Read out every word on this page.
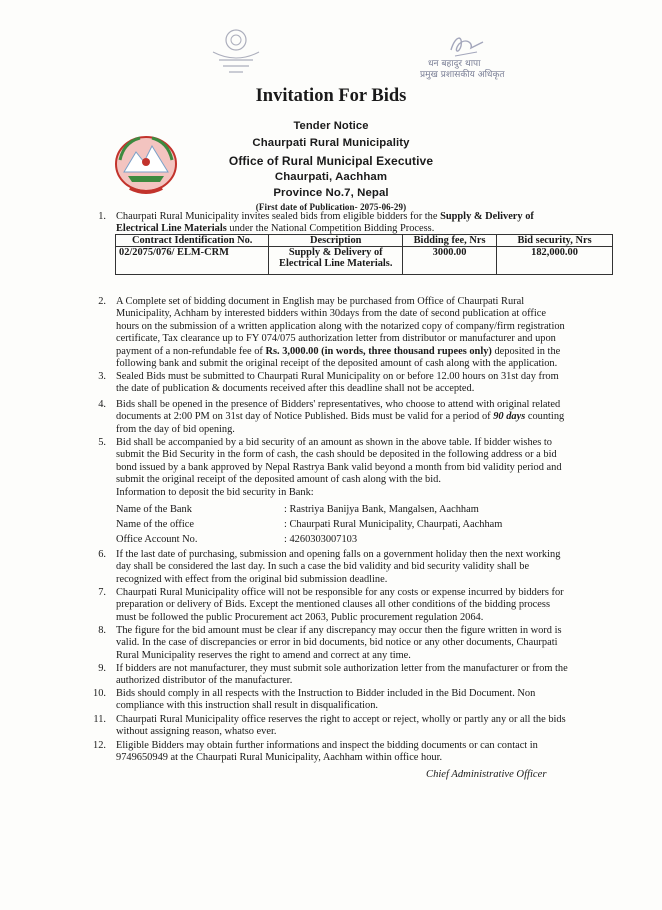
धन बहादुर थापा
प्रमुख प्रशासकीय अधिकृत
Invitation For Bids
Tender Notice
Chaurpati Rural Municipality
Office of Rural Municipal Executive
Chaurpati, Aachham
Province No.7, Nepal
(First date of Publication- 2075-06-29)
1. Chaurpati Rural Municipality invites sealed bids from eligible bidders for the Supply & Delivery of
Electrical Line Materials under the National Competition Bidding Process.
Contract Identification No.	Description	Bidding fee, Nrs	Bid security, Nrs
02/2075/076/ ELM-CRM	Supply & Delivery of Electrical Line Materials.	3000.00	182,000.00
2. A Complete set of bidding document in English may be purchased from Office of Chaurpati Rural
Municipality, Achham by interested bidders within 30days from the date of second publication at office
hours on the submission of a written application along with the notarized copy of company/firm registration
certificate, Tax clearance up to FY 074/075 authorization letter from distributor or manufacturer and upon
payment of a non-refundable fee of Rs. 3,000.00 (in words, three thousand rupees only) deposited in the
following bank and submit the original receipt of the deposited amount of cash along with the application.
3. Sealed Bids must be submitted to Chaurpati Rural Municipality on or before 12.00 hours on 31st day from
the date of publication & documents received after this deadline shall not be accepted.
4. Bids shall be opened in the presence of Bidders' representatives, who choose to attend with original related
documents at 2:00 PM on 31st day of Notice Published. Bids must be valid for a period of 90 days counting
from the day of bid opening.
5. Bid shall be accompanied by a bid security of an amount as shown in the above table. If bidder wishes to
submit the Bid Security in the form of cash, the cash should be deposited in the following address or a bid
bond issued by a bank approved by Nepal Rastrya Bank valid beyond a month from bid validity period and
submit the original receipt of the deposited amount of cash along with the bid.
Information to deposit the bid security in Bank:
Name of the Bank	: Rastriya Banijya Bank, Mangalsen, Aachham
Name of the office	: Chaurpati Rural Municipality, Chaurpati, Aachham
Office Account No.	: 4260303007103
6. If the last date of purchasing, submission and opening falls on a government holiday then the next working
day shall be considered the last day. In such a case the bid validity and bid security validity shall be
recognized with effect from the original bid submission deadline.
7. Chaurpati Rural Municipality office will not be responsible for any costs or expense incurred by bidders for
preparation or delivery of Bids. Except the mentioned clauses all other conditions of the bidding process
must be followed the public Procurement act 2063, Public procurement regulation 2064.
8. The figure for the bid amount must be clear if any discrepancy may occur then the figure written in word is
valid. In the case of discrepancies or error in bid documents, bid notice or any other documents, Chaurpati
Rural Municipality reserves the right to amend and correct at any time.
9. If bidders are not manufacturer, they must submit sole authorization letter from the manufacturer or from the
authorized distributor of the manufacturer.
10. Bids should comply in all respects with the Instruction to Bidder included in the Bid Document. Non
compliance with this instruction shall result in disqualification.
11. Chaurpati Rural Municipality office reserves the right to accept or reject, wholly or partly any or all the bids
without assigning reason, whatso ever.
12. Eligible Bidders may obtain further informations and inspect the bidding documents or can contact in
9749650949 at the Chaurpati Rural Municipality, Aachham within office hour.
Chief Administrative Officer
